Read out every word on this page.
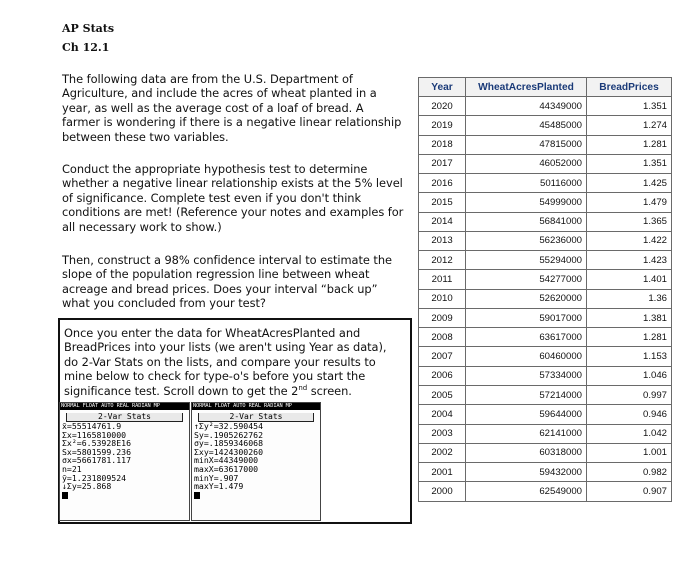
AP Stats
Ch 12.1
The following data are from the U.S. Department of
Agriculture, and include the acres of wheat planted in a
year, as well as the average cost of a loaf of bread. A
farmer is wondering if there is a negative linear relationship
between these two variables.
Conduct the appropriate hypothesis test to determine
whether a negative linear relationship exists at the 5% level
of significance. Complete test even if you don't think
conditions are met! (Reference your notes and examples for
all necessary work to show.)
Then, construct a 98% confidence interval to estimate the
slope of the population regression line between wheat
acreage and bread prices. Does your interval “back up”
what you concluded from your test?
Once you enter the data for WheatAcresPlanted and
BreadPrices into your lists (we aren't using Year as data),
do 2-Var Stats on the lists, and compare your results to
mine below to check for type-o's before you start the
significance test. Scroll down to get the 2nd screen.
NORMAL FLOAT AUTO REAL RADIAN MP
2-Var Stats
x̄=55514761.9
Σx=1165810000
Σx²=6.53928E16
Sx=5801599.236
σx=5661781.117
n=21
ȳ=1.231809524
↓Σy=25.868
NORMAL FLOAT AUTO REAL RADIAN MP
2-Var Stats
↑Σy²=32.590454
Sy=.1905262762
σy=.1859346068
Σxy=1424300260
minX=44349000
maxX=63617000
minY=.907
maxY=1.479
Year	WheatAcresPlanted	BreadPrices
2020	44349000	1.351
2019	45485000	1.274
2018	47815000	1.281
2017	46052000	1.351
2016	50116000	1.425
2015	54999000	1.479
2014	56841000	1.365
2013	56236000	1.422
2012	55294000	1.423
2011	54277000	1.401
2010	52620000	1.36
2009	59017000	1.381
2008	63617000	1.281
2007	60460000	1.153
2006	57334000	1.046
2005	57214000	0.997
2004	59644000	0.946
2003	62141000	1.042
2002	60318000	1.001
2001	59432000	0.982
2000	62549000	0.907
